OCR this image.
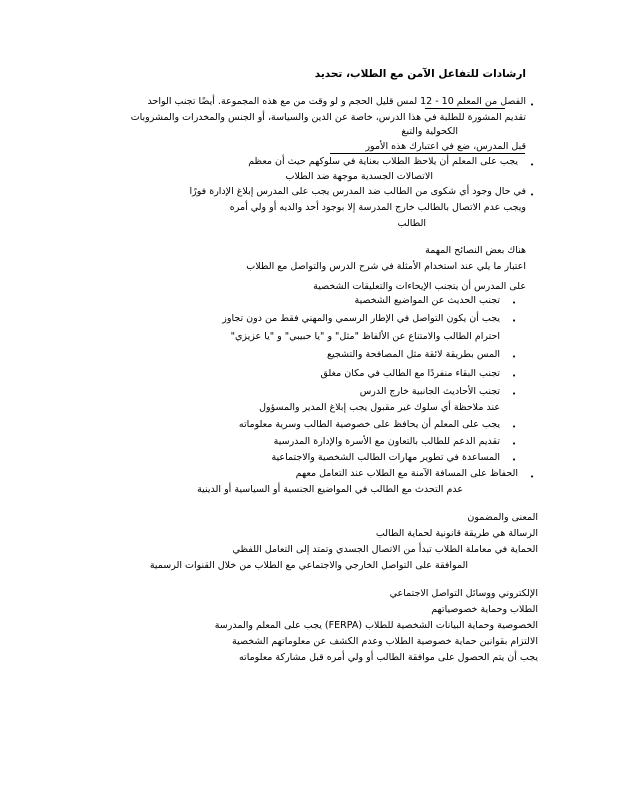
ارشادات للتفاعل الآمن مع الطلاب، تحديد
•
الفصل من المعلم 10 - 12 لمس قليل الحجم و لو وقت من مع هذه المجموعة. أيضًا تجنب الواحد
تقديم المشورة للطلبة في هذا الدرس، خاصة عن الدين والسياسة، أو الجنس والمخدرات والمشروبات
الكحولية والتبغ
قبل المدرس، ضع في اعتبارك هذه الأمور
•
يجب على المعلم أن يلاحظ الطلاب بعناية في سلوكهم حيث أن معظم
الاتصالات الجسدية موجهة ضد الطلاب
•
في حال وجود أي شكوى من الطالب ضد المدرس يجب على المدرس إبلاغ الإدارة فورًا
ويجب عدم الاتصال بالطالب خارج المدرسة إلا بوجود أحد والديه أو ولي أمره
الطالب
هناك بعض النصائح المهمة
اعتبار ما يلي عند استخدام الأمثلة في شرح الدرس والتواصل مع الطلاب
على المدرس أن يتجنب الإيحاءات والتعليقات الشخصية
•
تجنب الحديث عن المواضيع الشخصية
•
يجب أن يكون التواصل في الإطار الرسمي والمهني فقط من دون تجاوز
احترام الطالب والامتناع عن الألفاظ "مثل" و "يا حبيبي" و "يا عزيزي"
•
المس بطريقة لائقة مثل المصافحة والتشجيع
•
تجنب البقاء منفردًا مع الطالب في مكان مغلق
•
تجنب الأحاديث الجانبية خارج الدرس
عند ملاحظة أي سلوك غير مقبول يجب إبلاغ المدير والمسؤول
•
يجب على المعلم أن يحافظ على خصوصية الطالب وسرية معلوماته
•
تقديم الدعم للطالب بالتعاون مع الأسرة والإدارة المدرسية
•
المساعدة في تطوير مهارات الطالب الشخصية والاجتماعية
•
الحفاظ على المسافة الآمنة مع الطلاب عند التعامل معهم
عدم التحدث مع الطالب في المواضيع الجنسية أو السياسية أو الدينية
المعنى والمضمون
الرسالة هي طريقة قانونية لحماية الطالب
الحماية في معاملة الطلاب تبدأ من الاتصال الجسدي وتمتد إلى التعامل اللفظي
الموافقة على التواصل الخارجي والاجتماعي مع الطلاب من خلال القنوات الرسمية
الإلكتروني ووسائل التواصل الاجتماعي
الطلاب وحماية خصوصياتهم
الخصوصية وحماية البيانات الشخصية للطلاب (FERPA) يجب على المعلم والمدرسة
الالتزام بقوانين حماية خصوصية الطلاب وعدم الكشف عن معلوماتهم الشخصية
يجب أن يتم الحصول على موافقة الطالب أو ولي أمره قبل مشاركة معلوماته
